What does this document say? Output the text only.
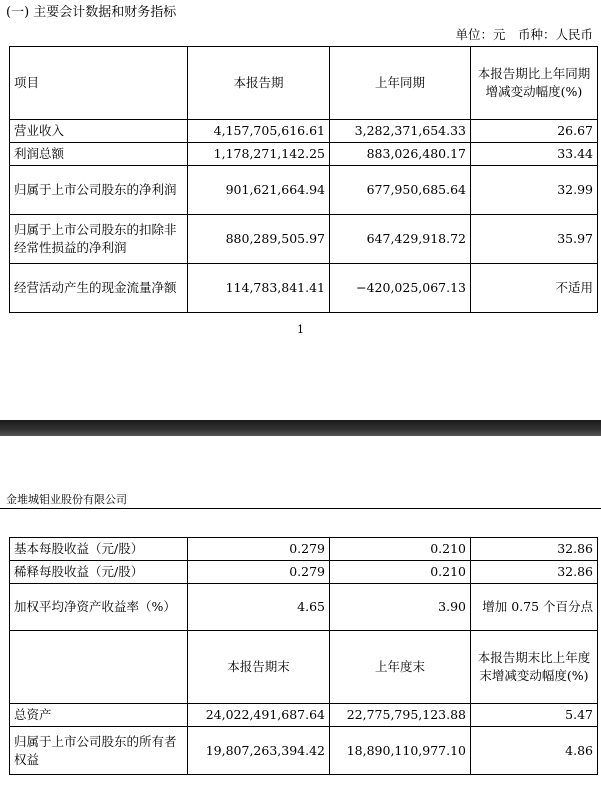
(一) 主要会计数据和财务指标
单位：元　币种：人民币
项目	本报告期	上年同期	本报告期比上年同期增减变动幅度(%)
营业收入	4,157,705,616.61	3,282,371,654.33	26.67
利润总额	1,178,271,142.25	883,026,480.17	33.44
归属于上市公司股东的净利润	901,621,664.94	677,950,685.64	32.99
归属于上市公司股东的扣除非经常性损益的净利润	880,289,505.97	647,429,918.72	35.97
经营活动产生的现金流量净额	114,783,841.41	−420,025,067.13	不适用
1
金堆城钼业股份有限公司
基本每股收益（元/股）	0.279	0.210	32.86
稀释每股收益（元/股）	0.279	0.210	32.86
加权平均净资产收益率（%）	4.65	3.90	增加 0.75 个百分点
	本报告期末	上年度末	本报告期末比上年度末增减变动幅度(%)
总资产	24,022,491,687.64	22,775,795,123.88	5.47
归属于上市公司股东的所有者权益	19,807,263,394.42	18,890,110,977.10	4.86
